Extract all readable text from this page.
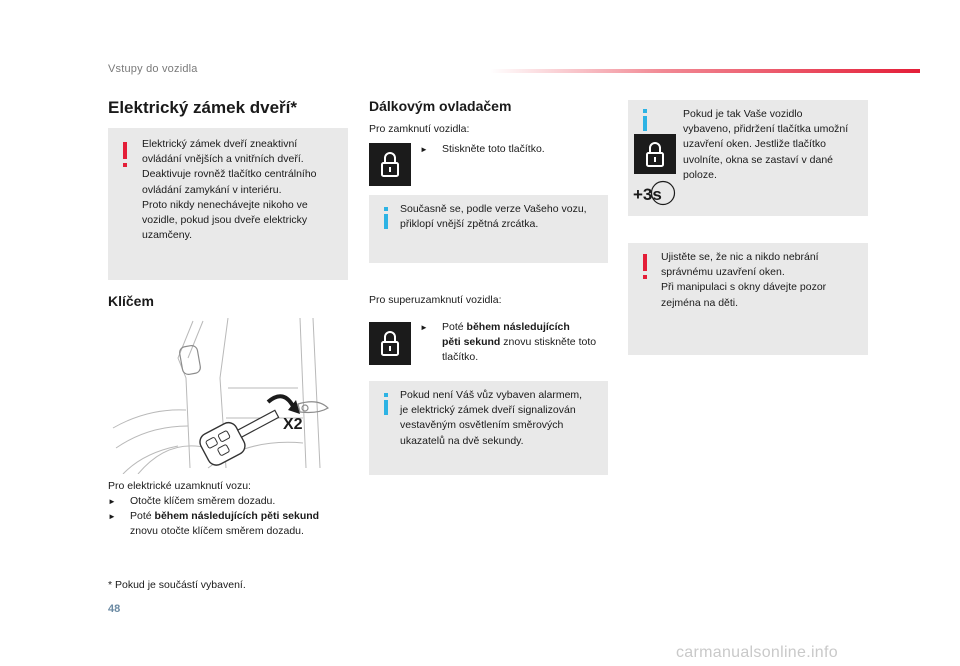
Vstupy do vozidla
Elektrický zámek dveří*
Elektrický zámek dveří zneaktivní
ovládání vnějších a vnitřních dveří.
Deaktivuje rovněž tlačítko centrálního
ovládání zamykání v interiéru.
Proto nikdy nenechávejte nikoho ve
vozidle, pokud jsou dveře elektricky
uzamčeny.
Klíčem
X2
Pro elektrické uzamknutí vozu:
►	Otočte klíčem směrem dozadu.
►	Poté během následujících pěti sekund
znovu otočte klíčem směrem dozadu.
* Pokud je součástí vybavení.
Dálkovým ovladačem
Pro zamknutí vozidla:
►	Stiskněte toto tlačítko.
Současně se, podle verze Vašeho vozu,
přiklopí vnější zpětná zrcátka.
Pro superuzamknutí vozidla:
►	Poté během následujících
pěti sekund znovu stiskněte toto
tlačítko.
Pokud není Váš vůz vybaven alarmem,
je elektrický zámek dveří signalizován
vestavěným osvětlením směrových
ukazatelů na dvě sekundy.
+3s
Pokud je tak Vaše vozidlo
vybaveno, přidržení tlačítka umožní
uzavření oken. Jestliže tlačítko
uvolníte, okna se zastaví v dané
poloze.
Ujistěte se, že nic a nikdo nebrání
správnému uzavření oken.
Při manipulaci s okny dávejte pozor
zejména na děti.
48
carmanualsonline.info
